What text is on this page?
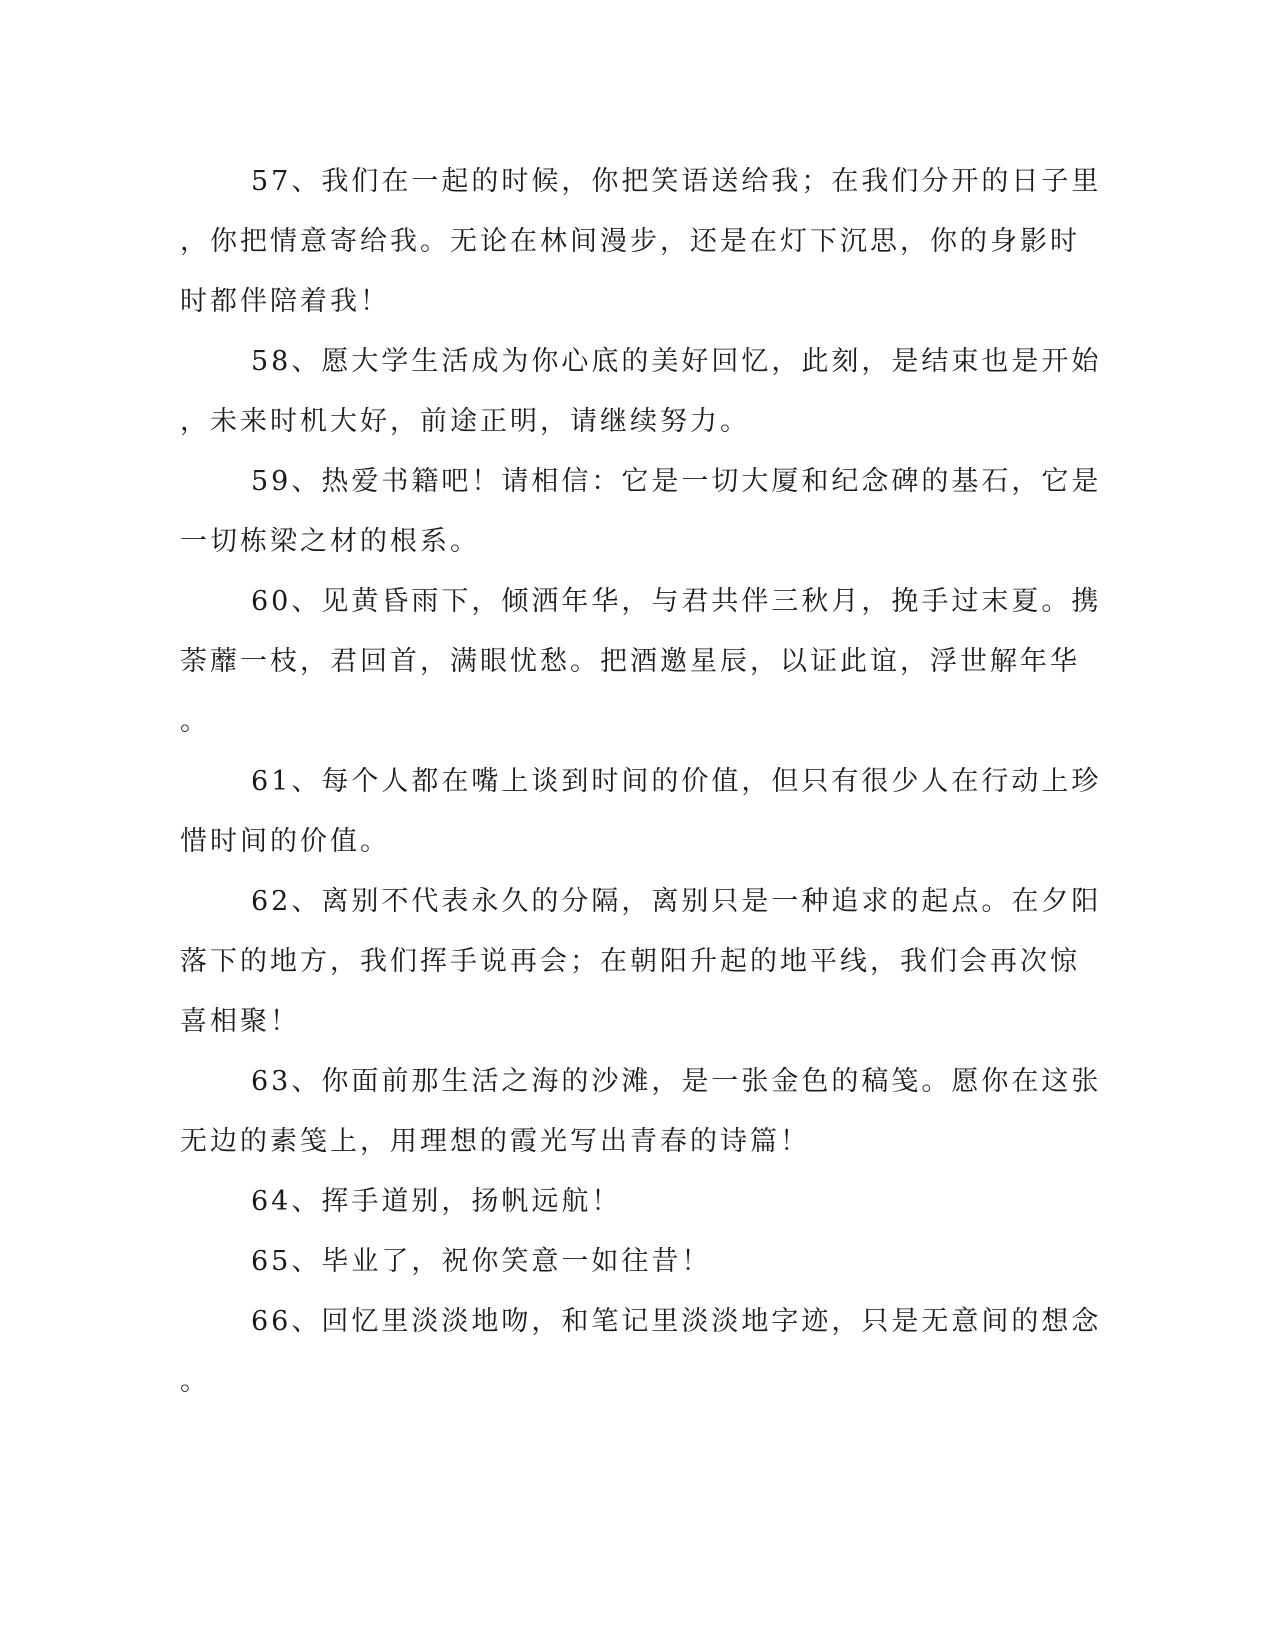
57、我们在一起的时候，你把笑语送给我；在我们分开的日子里
，你把情意寄给我。无论在林间漫步，还是在灯下沉思，你的身影时
时都伴陪着我！
58、愿大学生活成为你心底的美好回忆，此刻，是结束也是开始
，未来时机大好，前途正明，请继续努力。
59、热爱书籍吧！请相信：它是一切大厦和纪念碑的基石，它是
一切栋梁之材的根系。
60、见黄昏雨下，倾洒年华，与君共伴三秋月，挽手过末夏。携
荼蘼一枝，君回首，满眼忧愁。把酒邀星辰，以证此谊，浮世解年华
。
61、每个人都在嘴上谈到时间的价值，但只有很少人在行动上珍
惜时间的价值。
62、离别不代表永久的分隔，离别只是一种追求的起点。在夕阳
落下的地方，我们挥手说再会；在朝阳升起的地平线，我们会再次惊
喜相聚！
63、你面前那生活之海的沙滩，是一张金色的稿笺。愿你在这张
无边的素笺上，用理想的霞光写出青春的诗篇！
64、挥手道别，扬帆远航！
65、毕业了，祝你笑意一如往昔！
66、回忆里淡淡地吻，和笔记里淡淡地字迹，只是无意间的想念
。
